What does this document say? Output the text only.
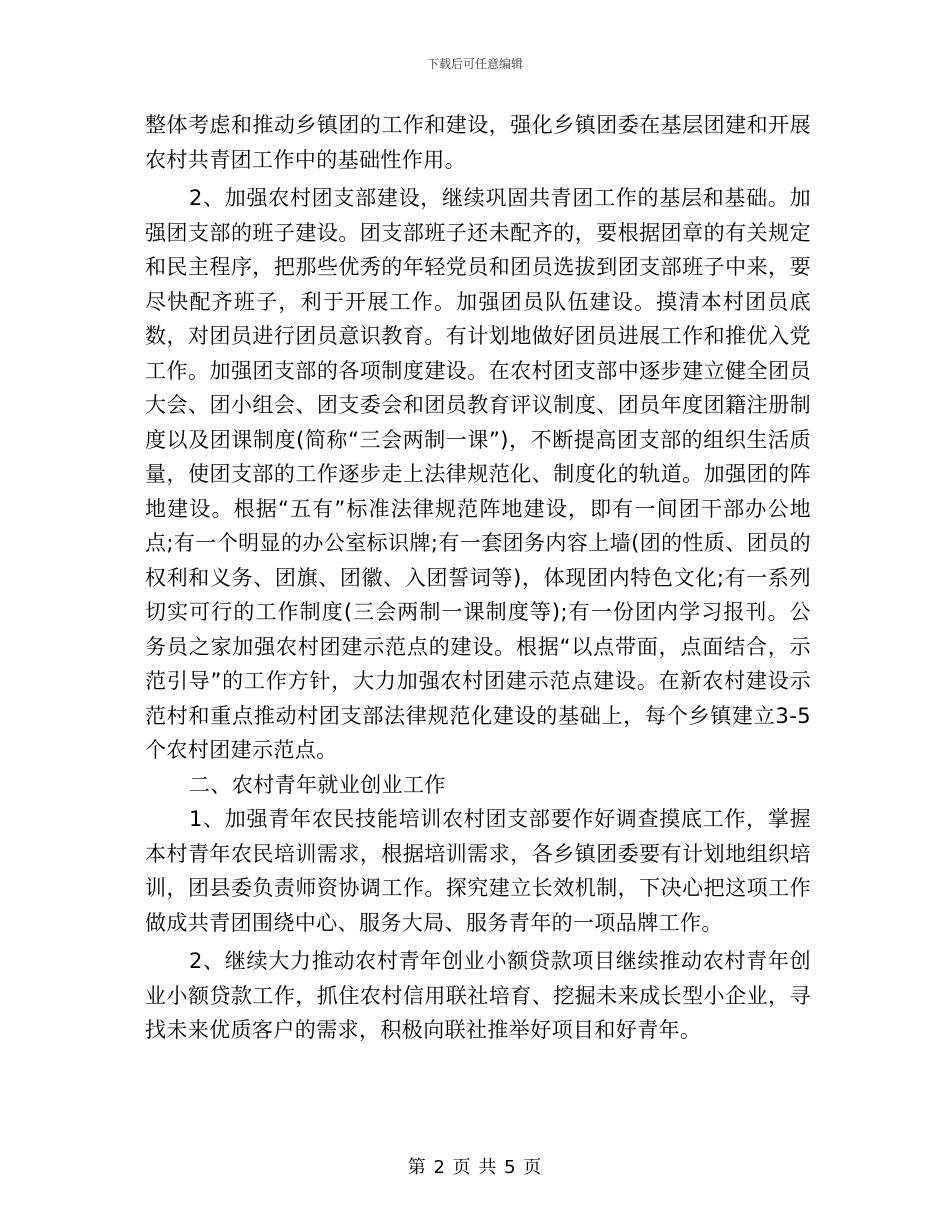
下载后可任意编辑

整体考虑和推动乡镇团的工作和建设，强化乡镇团委在基层团建和开展农村共青团工作中的基础性作用。

2、加强农村团支部建设，继续巩固共青团工作的基层和基础。加强团支部的班子建设。团支部班子还未配齐的，要根据团章的有关规定和民主程序，把那些优秀的年轻党员和团员选拔到团支部班子中来，要尽快配齐班子，利于开展工作。加强团员队伍建设。摸清本村团员底数，对团员进行团员意识教育。有计划地做好团员进展工作和推优入党工作。加强团支部的各项制度建设。在农村团支部中逐步建立健全团员大会、团小组会、团支委会和团员教育评议制度、团员年度团籍注册制度以及团课制度(简称“三会两制一课”)，不断提高团支部的组织生活质量，使团支部的工作逐步走上法律规范化、制度化的轨道。加强团的阵地建设。根据“五有”标准法律规范阵地建设，即有一间团干部办公地点;有一个明显的办公室标识牌;有一套团务内容上墙(团的性质、团员的权利和义务、团旗、团徽、入团誓词等)，体现团内特色文化;有一系列切实可行的工作制度(三会两制一课制度等);有一份团内学习报刊。公务员之家加强农村团建示范点的建设。根据“以点带面，点面结合，示范引导”的工作方针，大力加强农村团建示范点建设。在新农村建设示范村和重点推动村团支部法律规范化建设的基础上，每个乡镇建立3-5个农村团建示范点。

二、农村青年就业创业工作

1、加强青年农民技能培训农村团支部要作好调查摸底工作，掌握本村青年农民培训需求，根据培训需求，各乡镇团委要有计划地组织培训，团县委负责师资协调工作。探究建立长效机制，下决心把这项工作做成共青团围绕中心、服务大局、服务青年的一项品牌工作。

2、继续大力推动农村青年创业小额贷款项目继续推动农村青年创业小额贷款工作，抓住农村信用联社培育、挖掘未来成长型小企业，寻找未来优质客户的需求，积极向联社推举好项目和好青年。

第 2 页 共 5 页
